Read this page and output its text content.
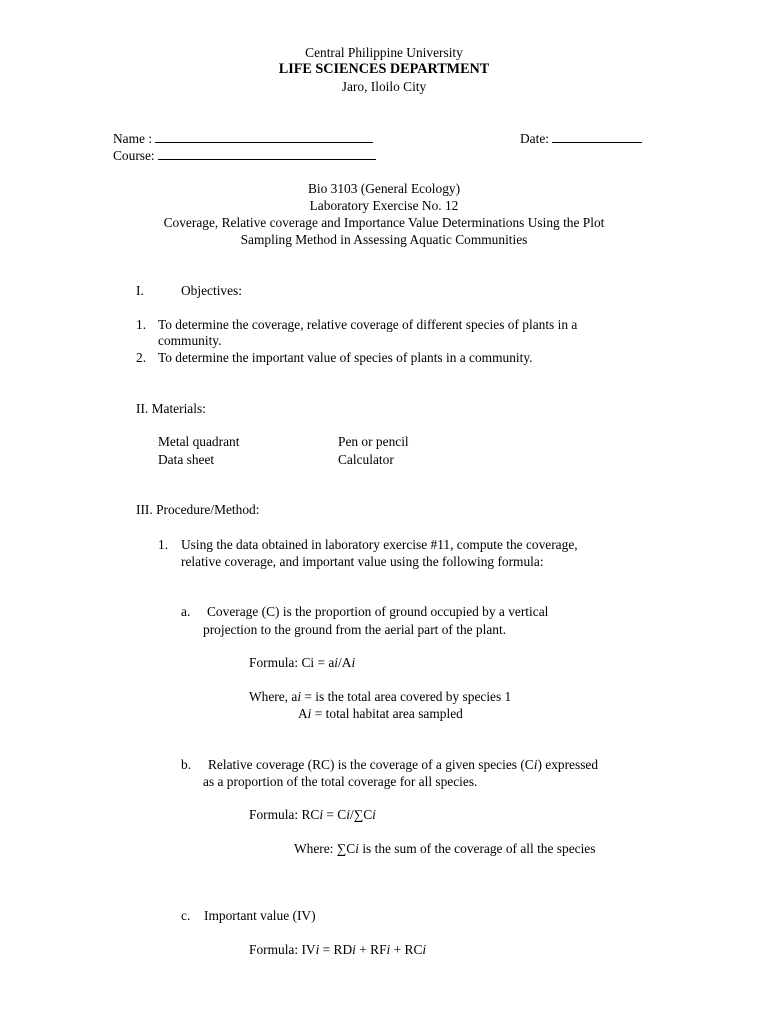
Central Philippine University
LIFE SCIENCES DEPARTMENT
Jaro, Iloilo City
Name :	Date:
Course:
Bio 3103 (General Ecology)
Laboratory Exercise No. 12
Coverage, Relative coverage and Importance Value Determinations Using the Plot
Sampling Method in Assessing Aquatic Communities
I.	Objectives:
1. To determine the coverage, relative coverage of different species of plants in a
community.
2. To determine the important value of species of plants in a community.
II. Materials:
Metal quadrant	Pen or pencil
Data sheet	Calculator
III. Procedure/Method:
1. Using the data obtained in laboratory exercise #11, compute the coverage,
relative coverage, and important value using the following formula:
a. Coverage (C) is the proportion of ground occupied by a vertical
projection to the ground from the aerial part of the plant.
Formula: Ci = ai/Ai
Where, ai = is the total area covered by species 1
Ai = total habitat area sampled
b. Relative coverage (RC) is the coverage of a given species (Ci) expressed
as a proportion of the total coverage for all species.
Formula: RCi = Ci/∑Ci
Where: ∑Ci is the sum of the coverage of all the species
c. Important value (IV)
Formula: IVi = RDi + RFi + RCi
